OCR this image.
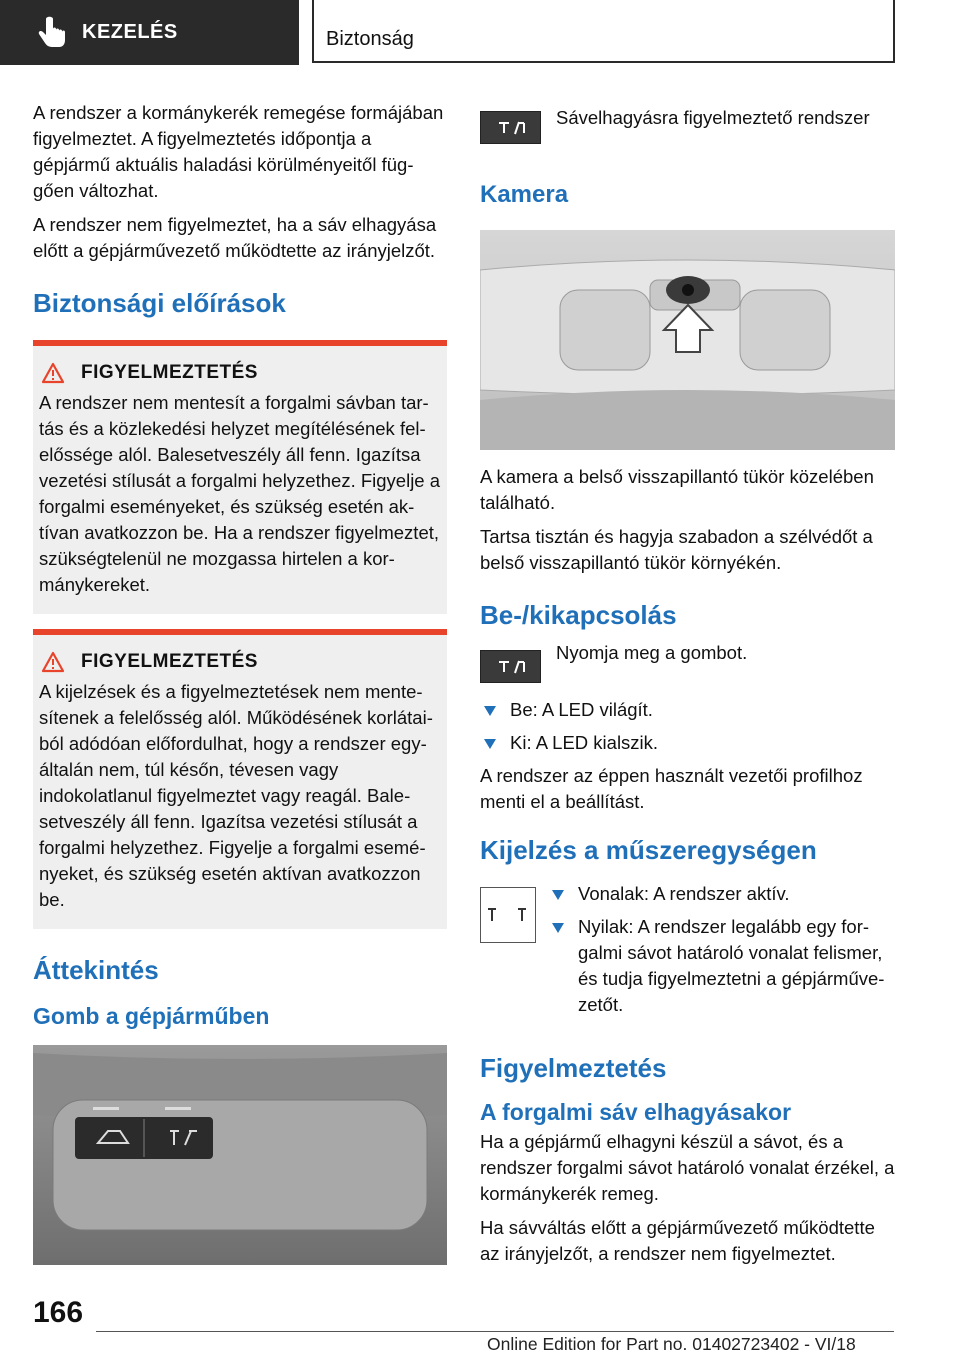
KEZELÉS	Biztonság

A rendszer a kormánykerék remegése formájában figyelmeztet. A figyelmeztetés időpontja a gépjármű aktuális haladási körülményeitől függően változhat.

A rendszer nem figyelmeztet, ha a sáv elhagyása előtt a gépjárművezető működtette az irányjelzőt.

Biztonsági előírások
FIGYELMEZTETÉS

A rendszer nem mentesít a forgalmi sávban tartás és a közlekedési helyzet megítélésének felelőssége alól. Balesetveszély áll fenn. Igazítsa vezetési stílusát a forgalmi helyzethez. Figyelje a forgalmi eseményeket, és szükség esetén aktívan avatkozzon be. Ha a rendszer figyelmeztet, szükségtelenül ne mozgassa hirtelen a kormánykereket.

FIGYELMEZTETÉS

A kijelzések és a figyelmeztetések nem mentesítenek a felelősség alól. Működésének korlátaiból adódóan előfordulhat, hogy a rendszer egyáltalán nem, túl későn, tévesen vagy indokolatlanul figyelmeztet vagy reagál. Balesetveszély áll fenn. Igazítsa vezetési stílusát a forgalmi helyzethez. Figyelje a forgalmi eseményeket, és szükség esetén aktívan avatkozzon be.

Áttekintés
Gomb a gépjárműben
Sávelhagyásra figyelmeztető rendszer
Kamera

A kamera a belső visszapillantó tükör közelében található.

Tartsa tisztán és hagyja szabadon a szélvédőt a belső visszapillantó tükör környékén.

Be-/kikapcsolás
Nyomja meg a gombot.
Be: A LED világít.
Ki: A LED kialszik.

A rendszer az éppen használt vezetői profilhoz menti el a beállítást.

Kijelzés a műszeregységen
Vonalak: A rendszer aktív.
Nyilak: A rendszer legalább egy forgalmi sávot határoló vonalat felismer, és tudja figyelmeztetni a gépjárművezetőt.
Figyelmeztetés
A forgalmi sáv elhagyásakor

Ha a gépjármű elhagyni készül a sávot, és a rendszer forgalmi sávot határoló vonalat érzékel, a kormánykerék remeg.

Ha sávváltás előtt a gépjárművezető működtette az irányjelzőt, a rendszer nem figyelmeztet.

166
Online Edition for Part no. 01402723402 - VI/18
